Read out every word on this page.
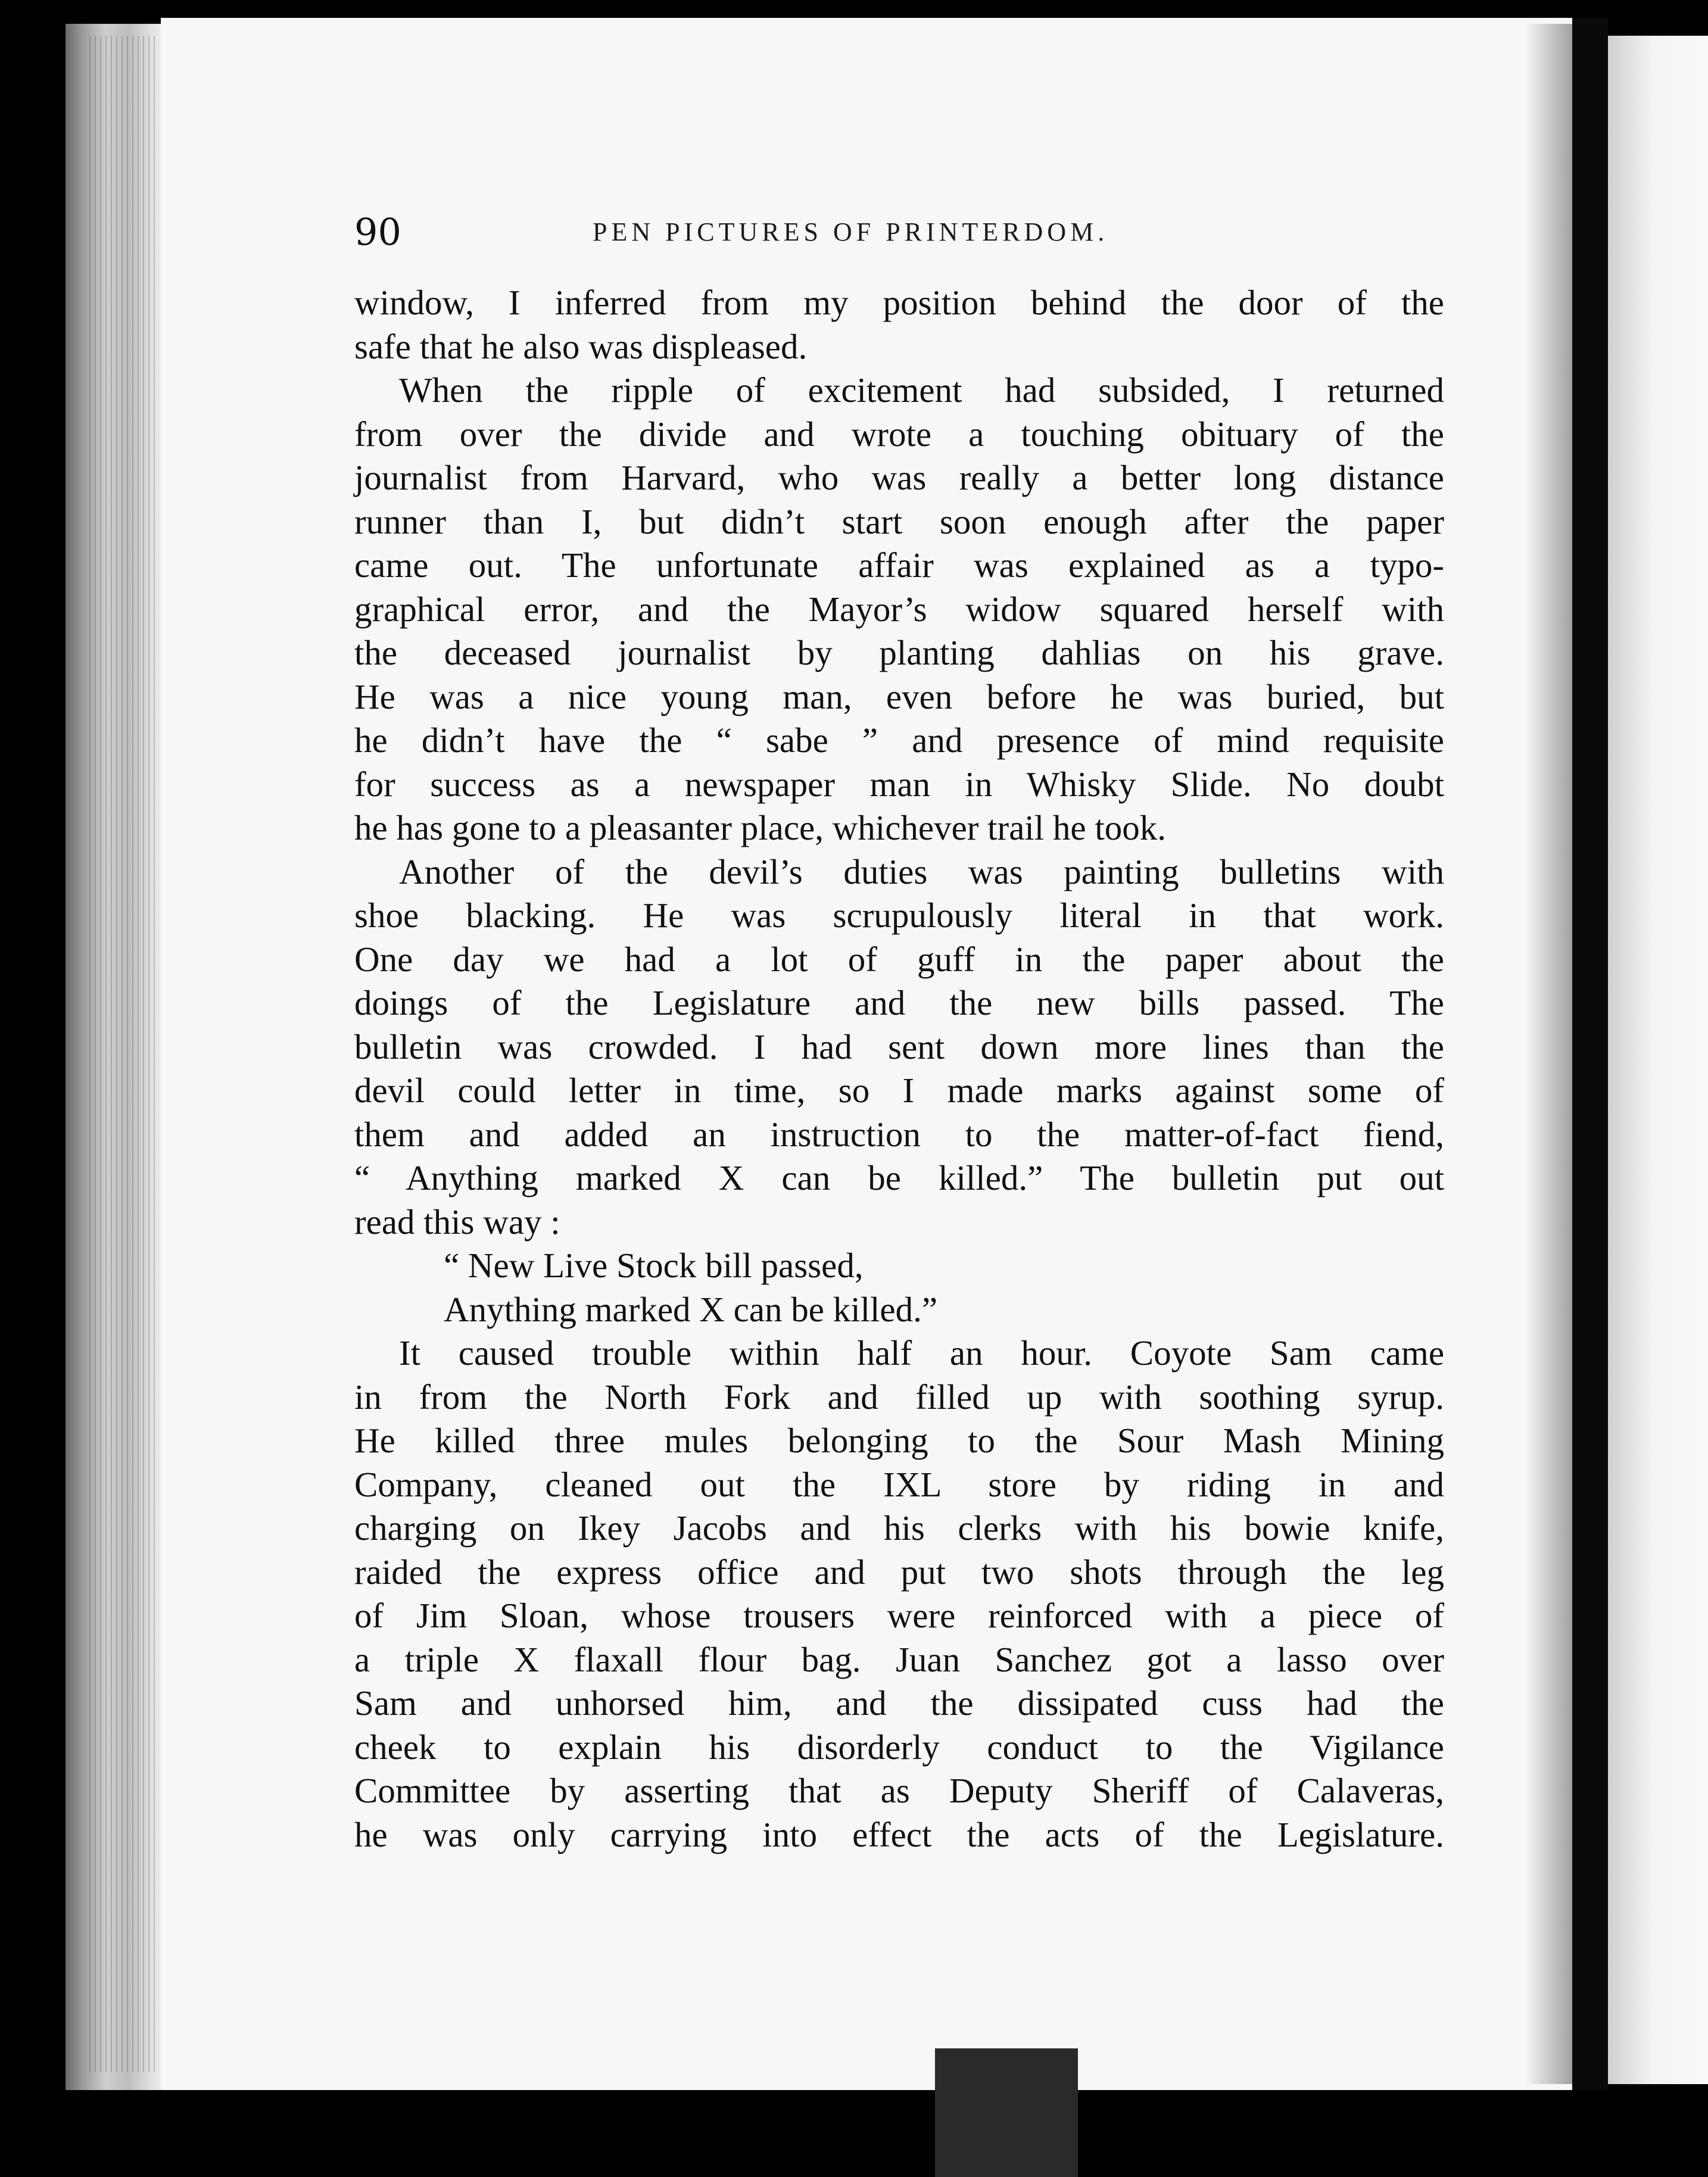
90	PEN PICTURES OF PRINTERDOM.
window, I inferred from my position behind the door of the
safe that he also was displeased.
When the ripple of excitement had subsided, I returned
from over the divide and wrote a touching obituary of the
journalist from Harvard, who was really a better long distance
runner than I, but didn’t start soon enough after the paper
came out. The unfortunate affair was explained as a typo-
graphical error, and the Mayor’s widow squared herself with
the deceased journalist by planting dahlias on his grave.
He was a nice young man, even before he was buried, but
he didn’t have the “ sabe ” and presence of mind requisite
for success as a newspaper man in Whisky Slide. No doubt
he has gone to a pleasanter place, whichever trail he took.
Another of the devil’s duties was painting bulletins with
shoe blacking. He was scrupulously literal in that work.
One day we had a lot of guff in the paper about the
doings of the Legislature and the new bills passed. The
bulletin was crowded. I had sent down more lines than the
devil could letter in time, so I made marks against some of
them and added an instruction to the matter-of-fact fiend,
“ Anything marked X can be killed.” The bulletin put out
read this way :
“ New Live Stock bill passed,
Anything marked X can be killed.”
It caused trouble within half an hour. Coyote Sam came
in from the North Fork and filled up with soothing syrup.
He killed three mules belonging to the Sour Mash Mining
Company, cleaned out the IXL store by riding in and
charging on Ikey Jacobs and his clerks with his bowie knife,
raided the express office and put two shots through the leg
of Jim Sloan, whose trousers were reinforced with a piece of
a triple X flaxall flour bag. Juan Sanchez got a lasso over
Sam and unhorsed him, and the dissipated cuss had the
cheek to explain his disorderly conduct to the Vigilance
Committee by asserting that as Deputy Sheriff of Calaveras,
he was only carrying into effect the acts of the Legislature.
